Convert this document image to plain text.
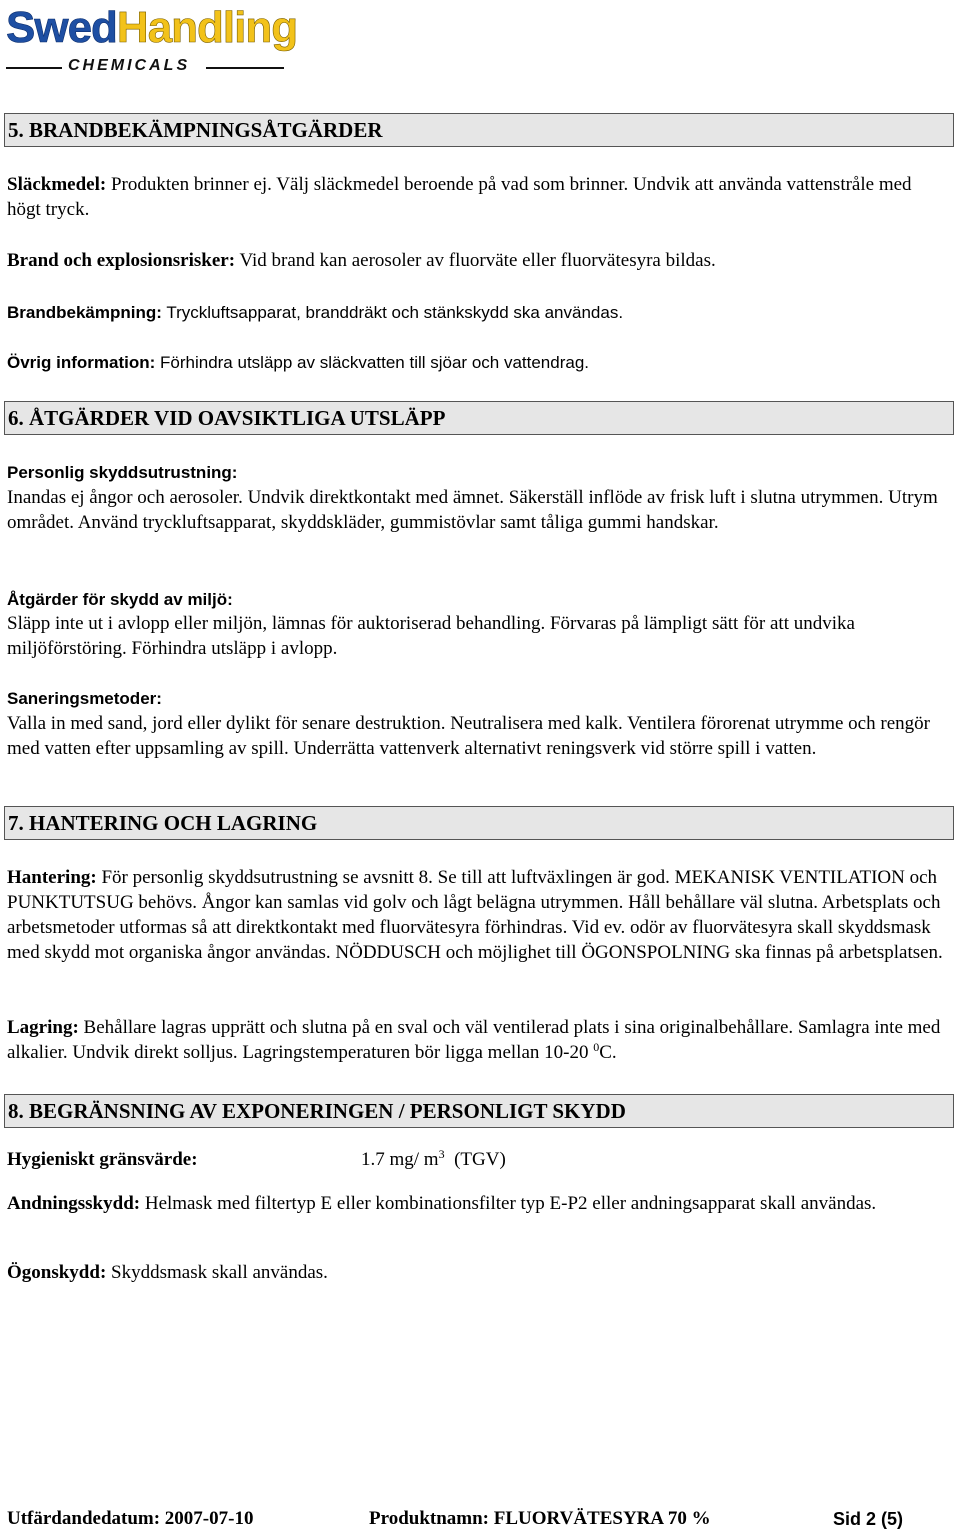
SwedHandling
CHEMICALS
5. BRANDBEKÄMPNINGSÅTGÄRDER
Släckmedel: Produkten brinner ej. Välj släckmedel beroende på vad som brinner. Undvik att använda vattenstråle med högt tryck.
Brand och explosionsrisker: Vid brand kan aerosoler av fluorväte eller fluorvätesyra bildas.
Brandbekämpning: Tryckluftsapparat, branddräkt och stänkskydd ska användas.
Övrig information: Förhindra utsläpp av släckvatten till sjöar och vattendrag.
6. ÅTGÄRDER VID OAVSIKTLIGA UTSLÄPP
Personlig skyddsutrustning:
Inandas ej ångor och aerosoler. Undvik direktkontakt med ämnet. Säkerställ inflöde av frisk luft i slutna utrymmen. Utrym området. Använd tryckluftsapparat, skyddskläder, gummistövlar samt tåliga gummi handskar.
Åtgärder för skydd av miljö:
Släpp inte ut i avlopp eller miljön, lämnas för auktoriserad behandling. Förvaras på lämpligt sätt för att undvika miljöförstöring. Förhindra utsläpp i avlopp.
Saneringsmetoder:
Valla in med sand, jord eller dylikt för senare destruktion. Neutralisera med kalk. Ventilera förorenat utrymme och rengör med vatten efter uppsamling av spill. Underrätta vattenverk alternativt reningsverk vid större spill i vatten.
7. HANTERING OCH LAGRING
Hantering: För personlig skyddsutrustning se avsnitt 8. Se till att luftväxlingen är god. MEKANISK VENTILATION och PUNKTUTSUG behövs. Ångor kan samlas vid golv och lågt belägna utrymmen. Håll behållare väl slutna. Arbetsplats och arbetsmetoder utformas så att direktkontakt med fluorvätesyra förhindras. Vid ev. odör av fluorvätesyra skall skyddsmask med skydd mot organiska ångor användas. NÖDDUSCH och möjlighet till ÖGONSPOLNING ska finnas på arbetsplatsen.
Lagring: Behållare lagras upprätt och slutna på en sval och väl ventilerad plats i sina originalbehållare. Samlagra inte med alkalier. Undvik direkt solljus. Lagringstemperaturen bör ligga mellan 10-20 $^0$C.
8. BEGRÄNSNING AV EXPONERINGEN / PERSONLIGT SKYDD
Hygieniskt gränsvärde:	1.7 mg/ $m^3$ (TGV)
Andningsskydd: Helmask med filtertyp E eller kombinationsfilter typ E-P2 eller andningsapparat skall användas.
Ögonskydd: Skyddsmask skall användas.
Utfärdandedatum: 2007-07-10	Produktnamn: FLUORVÄTESYRA 70 %	Sid 2 (5)
